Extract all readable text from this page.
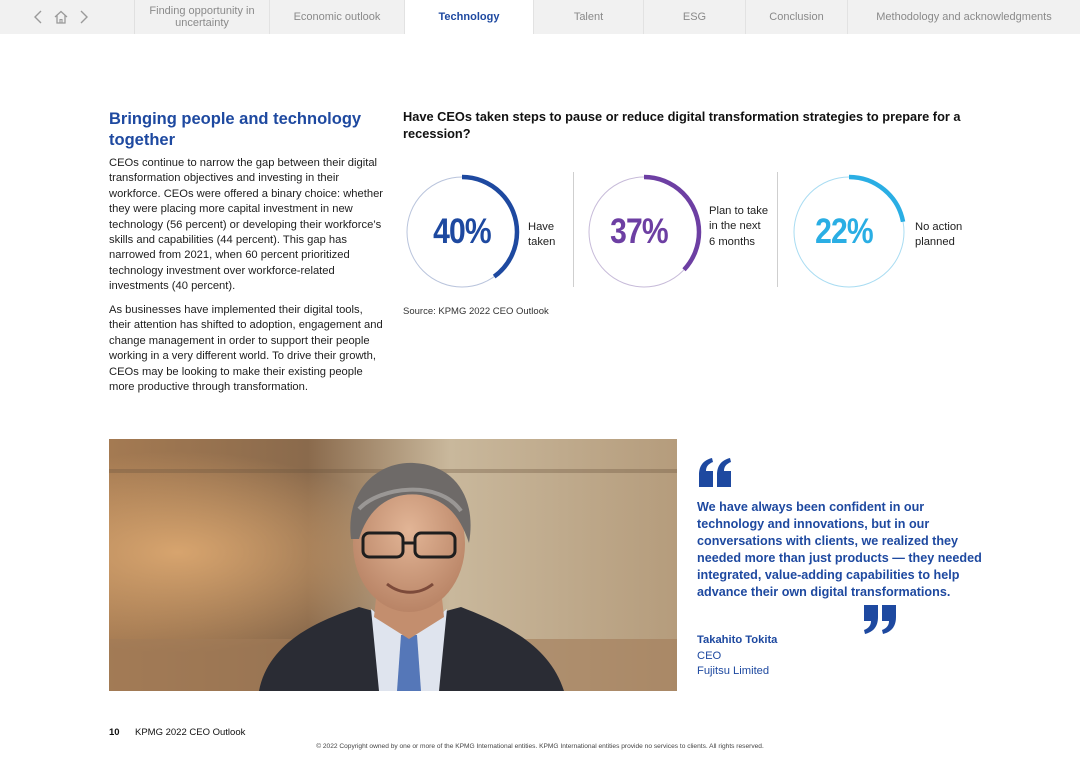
Finding opportunity in uncertainty	Economic outlook	Technology	Talent	ESG	Conclusion	Methodology and acknowledgments
Bringing people and technology together

CEOs continue to narrow the gap between their digital transformation objectives and investing in their workforce. CEOs were offered a binary choice: whether they were placing more capital investment in new technology (56 percent) or developing their workforce’s skills and capabilities (44 percent). This gap has narrowed from 2021, when 60 percent prioritized technology investment over workforce-related investments (40 percent).

As businesses have implemented their digital tools, their attention has shifted to adoption, engagement and change management in order to support their people working in a very different world. To drive their growth, CEOs may be looking to make their existing people more productive through transformation.

Have CEOs taken steps to pause or reduce digital transformation strategies to prepare for a recession?
40%	Have taken	37%
Plan to take in the next 6 months	22%	No action planned
Source: KPMG 2022 CEO Outlook

We have always been confident in our technology and innovations, but in our conversations with clients, we realized they needed more than just products — they needed integrated, value-adding capabilities to help advance their own digital transformations.

Takahito Tokita
CEO
Fujitsu Limited
10 KPMG 2022 CEO Outlook
© 2022 Copyright owned by one or more of the KPMG International entities. KPMG International entities provide no services to clients. All rights reserved.
